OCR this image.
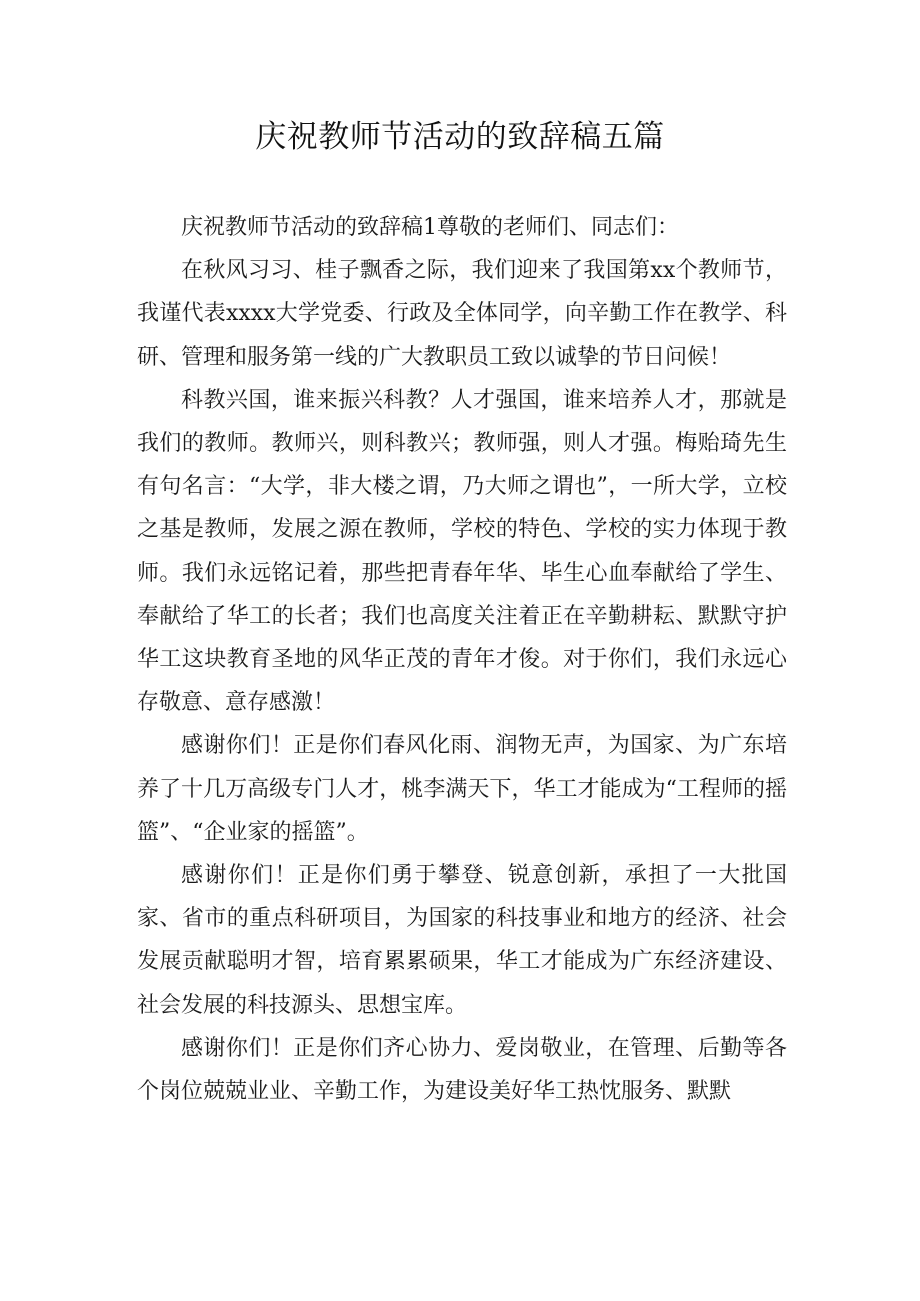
庆祝教师节活动的致辞稿五篇

庆祝教师节活动的致辞稿1尊敬的老师们、同志们：

在秋风习习、桂子飘香之际，我们迎来了我国第xx个教师节，我谨代表xxxx大学党委、行政及全体同学，向辛勤工作在教学、科研、管理和服务第一线的广大教职员工致以诚挚的节日问候！

科教兴国，谁来振兴科教？人才强国，谁来培养人才，那就是我们的教师。教师兴，则科教兴；教师强，则人才强。梅贻琦先生有句名言：“大学，非大楼之谓，乃大师之谓也”，一所大学，立校之基是教师，发展之源在教师，学校的特色、学校的实力体现于教师。我们永远铭记着，那些把青春年华、毕生心血奉献给了学生、奉献给了华工的长者；我们也高度关注着正在辛勤耕耘、默默守护华工这块教育圣地的风华正茂的青年才俊。对于你们，我们永远心存敬意、意存感激！

感谢你们！正是你们春风化雨、润物无声，为国家、为广东培养了十几万高级专门人才，桃李满天下，华工才能成为“工程师的摇篮”、“企业家的摇篮”。

感谢你们！正是你们勇于攀登、锐意创新，承担了一大批国家、省市的重点科研项目，为国家的科技事业和地方的经济、社会发展贡献聪明才智，培育累累硕果，华工才能成为广东经济建设、社会发展的科技源头、思想宝库。

感谢你们！正是你们齐心协力、爱岗敬业，在管理、后勤等各个岗位兢兢业业、辛勤工作，为建设美好华工热忱服务、默默
